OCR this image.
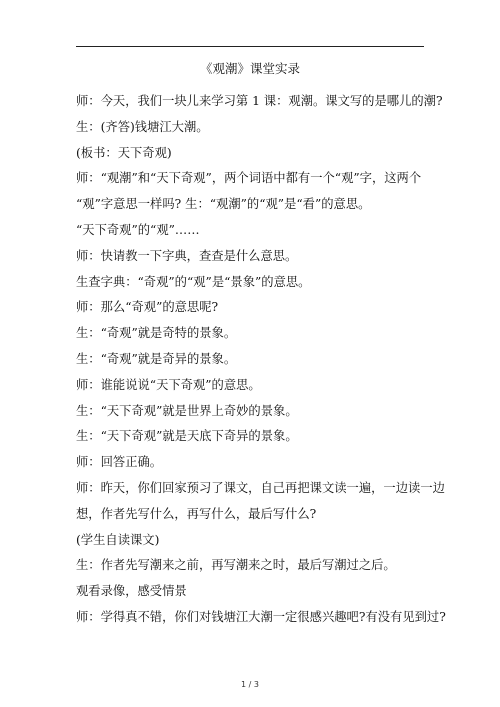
《观潮》课堂实录
师：今天，我们一块儿来学习第 1 课：观潮。课文写的是哪儿的潮?
生：(齐答)钱塘江大潮。
(板书：天下奇观)
师：“观潮”和“天下奇观”，两个词语中都有一个“观”字，这两个
“观”字意思一样吗? 生：“观潮”的“观”是“看”的意思。
“天下奇观”的“观”……
师：快请教一下字典，查查是什么意思。
生查字典：“奇观”的“观”是“景象”的意思。
师：那么“奇观”的意思呢?
生：“奇观”就是奇特的景象。
生：“奇观”就是奇异的景象。
师：谁能说说“天下奇观”的意思。
生：“天下奇观”就是世界上奇妙的景象。
生：“天下奇观”就是天底下奇异的景象。
师：回答正确。
师：昨天，你们回家预习了课文，自己再把课文读一遍，一边读一边
想，作者先写什么，再写什么，最后写什么?
(学生自读课文)
生：作者先写潮来之前，再写潮来之时，最后写潮过之后。
观看录像，感受情景
师：学得真不错，你们对钱塘江大潮一定很感兴趣吧?有没有见到过?
1 / 3
